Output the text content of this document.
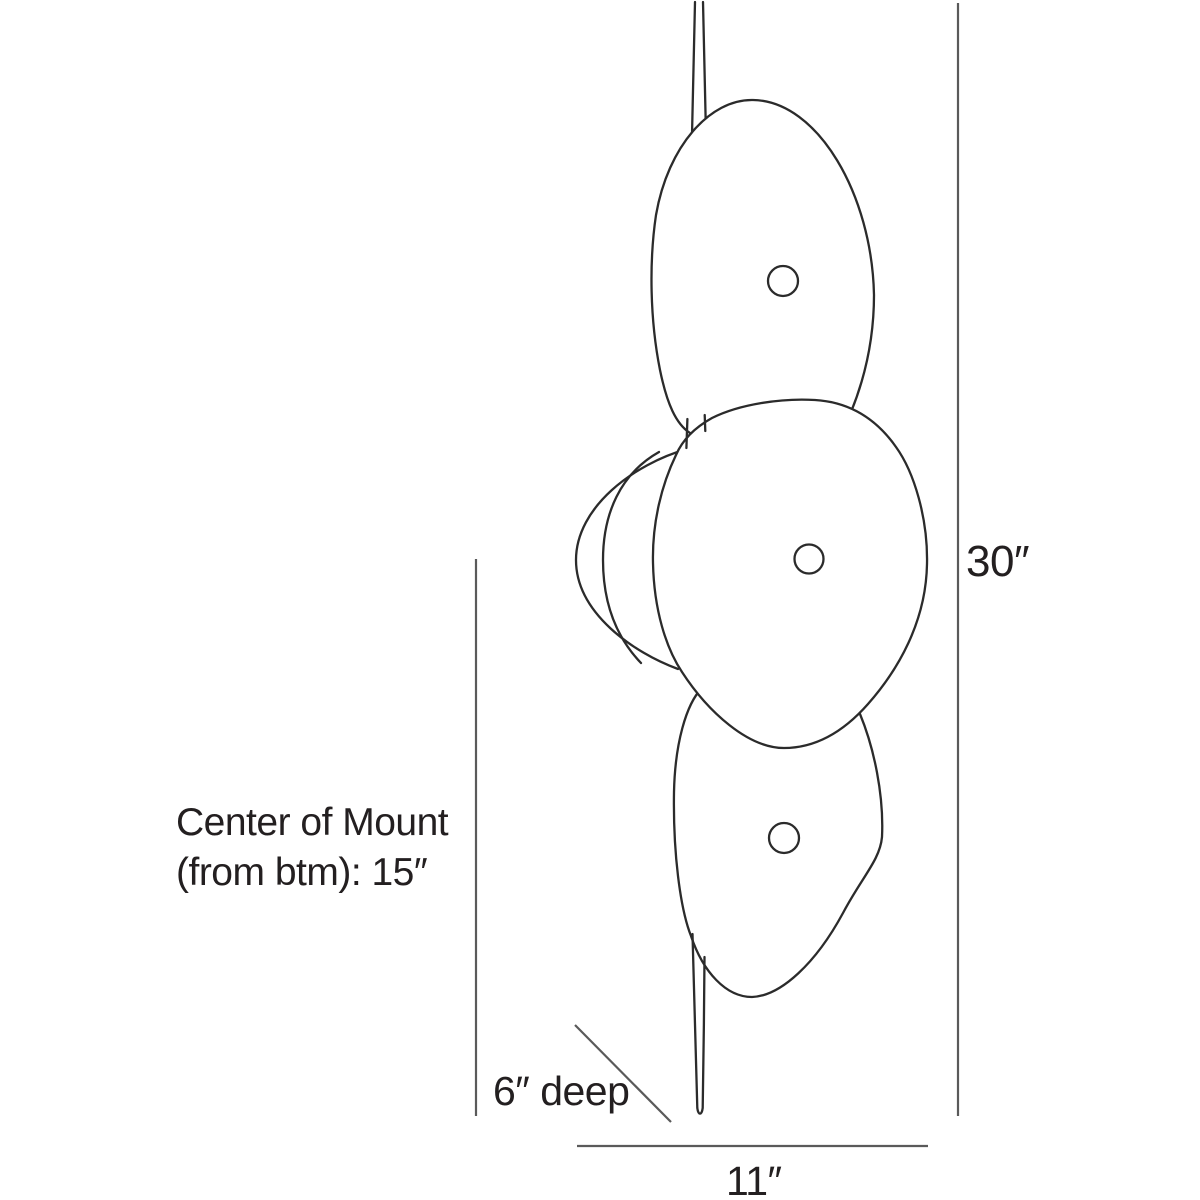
30″
Center of Mount
(from btm): 15″
6″ deep
11″
